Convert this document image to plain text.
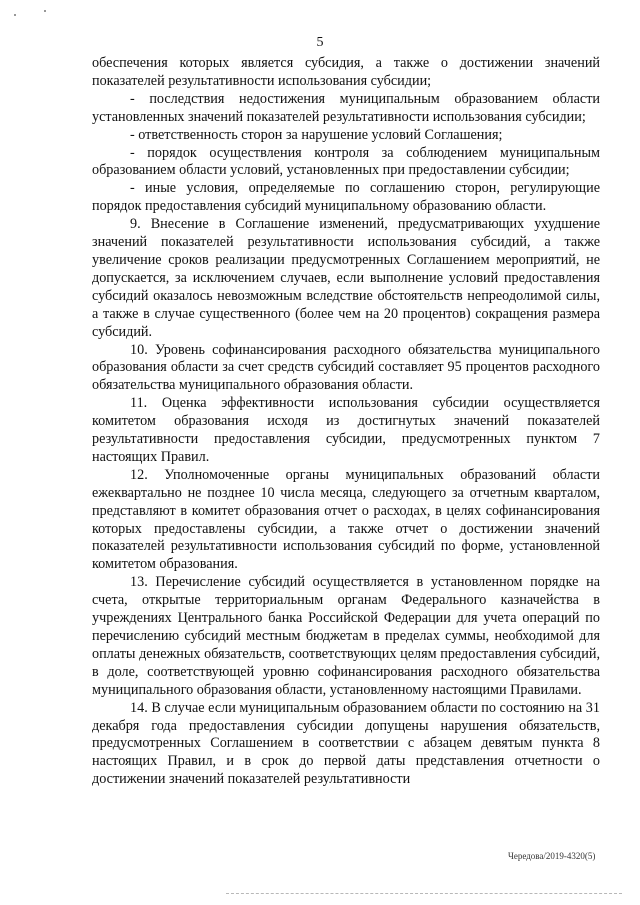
5

обеспечения которых является субсидия, а также о достижении значений показателей результативности использования субсидии;

- последствия недостижения муниципальным образованием области установленных значений показателей результативности использования субсидии;

- ответственность сторон за нарушение условий Соглашения;

- порядок осуществления контроля за соблюдением муниципальным образованием области условий, установленных при предоставлении субсидии;

- иные условия, определяемые по соглашению сторон, регулирующие порядок предоставления субсидий муниципальному образованию области.

9. Внесение в Соглашение изменений, предусматривающих ухудшение значений показателей результативности использования субсидий, а также увеличение сроков реализации предусмотренных Соглашением мероприятий, не допускается, за исключением случаев, если выполнение условий предоставления субсидий оказалось невозможным вследствие обстоятельств непреодолимой силы, а также в случае существенного (более чем на 20 процентов) сокращения размера субсидий.

10. Уровень софинансирования расходного обязательства муниципального образования области за счет средств субсидий составляет 95 процентов расходного обязательства муниципального образования области.

11. Оценка эффективности использования субсидии осуществляется комитетом образования исходя из достигнутых значений показателей результативности предоставления субсидии, предусмотренных пунктом 7 настоящих Правил.

12. Уполномоченные органы муниципальных образований области ежеквартально не позднее 10 числа месяца, следующего за отчетным кварталом, представляют в комитет образования отчет о расходах, в целях софинансирования которых предоставлены субсидии, а также отчет о достижении значений показателей результативности использования субсидий по форме, установленной комитетом образования.

13. Перечисление субсидий осуществляется в установленном порядке на счета, открытые территориальным органам Федерального казначейства в учреждениях Центрального банка Российской Федерации для учета операций по перечислению субсидий местным бюджетам в пределах суммы, необходимой для оплаты денежных обязательств, соответствующих целям предоставления субсидий, в доле, соответствующей уровню софинансирования расходного обязательства муниципального образования области, установленному настоящими Правилами.

14. В случае если муниципальным образованием области по состоянию на 31 декабря года предоставления субсидии допущены нарушения обязательств, предусмотренных Соглашением в соответствии с абзацем девятым пункта 8 настоящих Правил, и в срок до первой даты представления отчетности о достижении значений показателей результативности

Чередова/2019-4320(5)
